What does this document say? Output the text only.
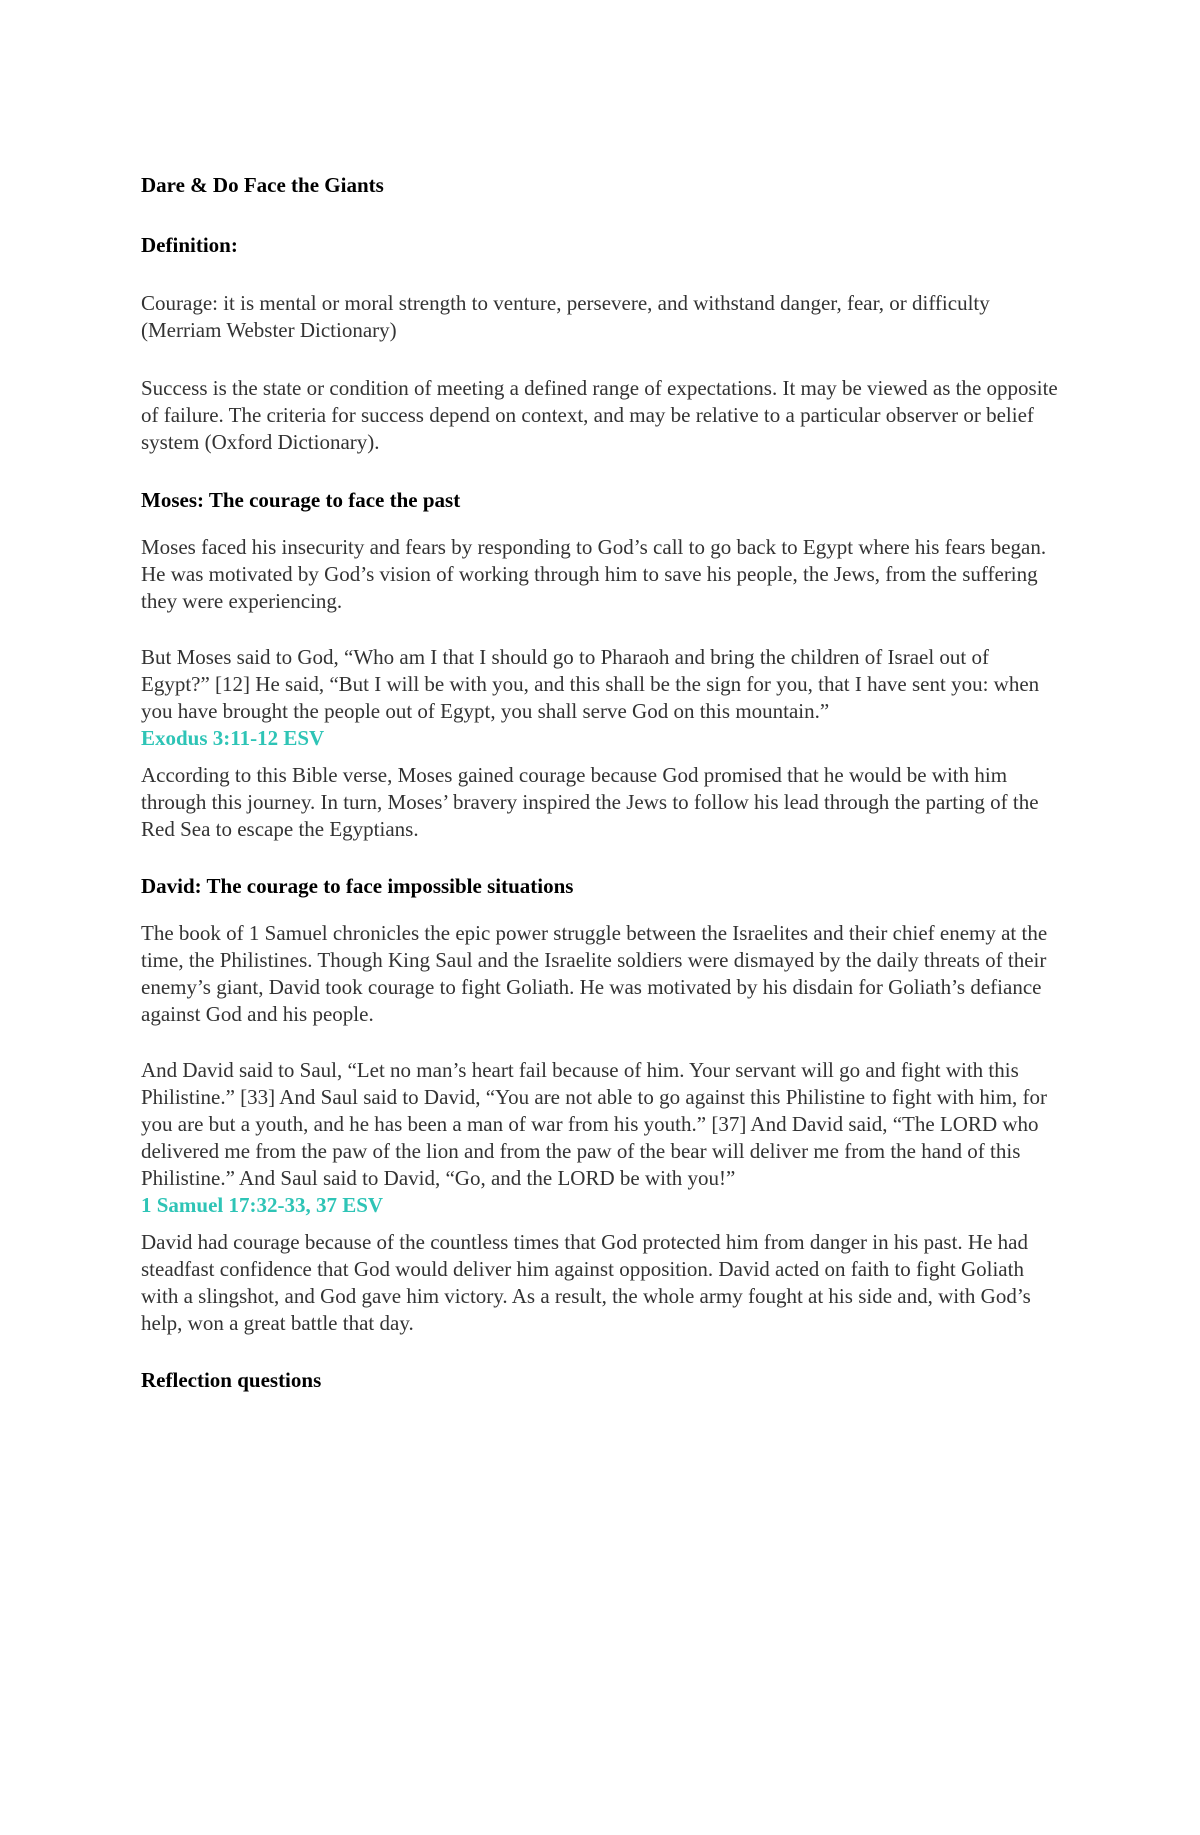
Dare & Do Face the Giants
Definition:

Courage: it is mental or moral strength to venture, persevere, and withstand danger, fear, or difficulty (Merriam Webster Dictionary)

Success is the state or condition of meeting a defined range of expectations. It may be viewed as the opposite of failure. The criteria for success depend on context, and may be relative to a particular observer or belief system (Oxford Dictionary).

Moses: The courage to face the past

Moses faced his insecurity and fears by responding to God’s call to go back to Egypt where his fears began. He was motivated by God’s vision of working through him to save his people, the Jews, from the suffering they were experiencing.

But Moses said to God, “Who am I that I should go to Pharaoh and bring the children of Israel out of Egypt?” [12] He said, “But I will be with you, and this shall be the sign for you, that I have sent you: when you have brought the people out of Egypt, you shall serve God on this mountain.”

Exodus 3:11-12 ESV

According to this Bible verse, Moses gained courage because God promised that he would be with him through this journey. In turn, Moses’ bravery inspired the Jews to follow his lead through the parting of the Red Sea to escape the Egyptians.

David: The courage to face impossible situations

The book of 1 Samuel chronicles the epic power struggle between the Israelites and their chief enemy at the time, the Philistines. Though King Saul and the Israelite soldiers were dismayed by the daily threats of their enemy’s giant, David took courage to fight Goliath. He was motivated by his disdain for Goliath’s defiance against God and his people.

And David said to Saul, “Let no man’s heart fail because of him. Your servant will go and fight with this Philistine.” [33] And Saul said to David, “You are not able to go against this Philistine to fight with him, for you are but a youth, and he has been a man of war from his youth.” [37] And David said, “The LORD who delivered me from the paw of the lion and from the paw of the bear will deliver me from the hand of this Philistine.” And Saul said to David, “Go, and the LORD be with you!”

1 Samuel 17:32-33, 37 ESV

David had courage because of the countless times that God protected him from danger in his past. He had steadfast confidence that God would deliver him against opposition. David acted on faith to fight Goliath with a slingshot, and God gave him victory. As a result, the whole army fought at his side and, with God’s help, won a great battle that day.

Reflection questions
